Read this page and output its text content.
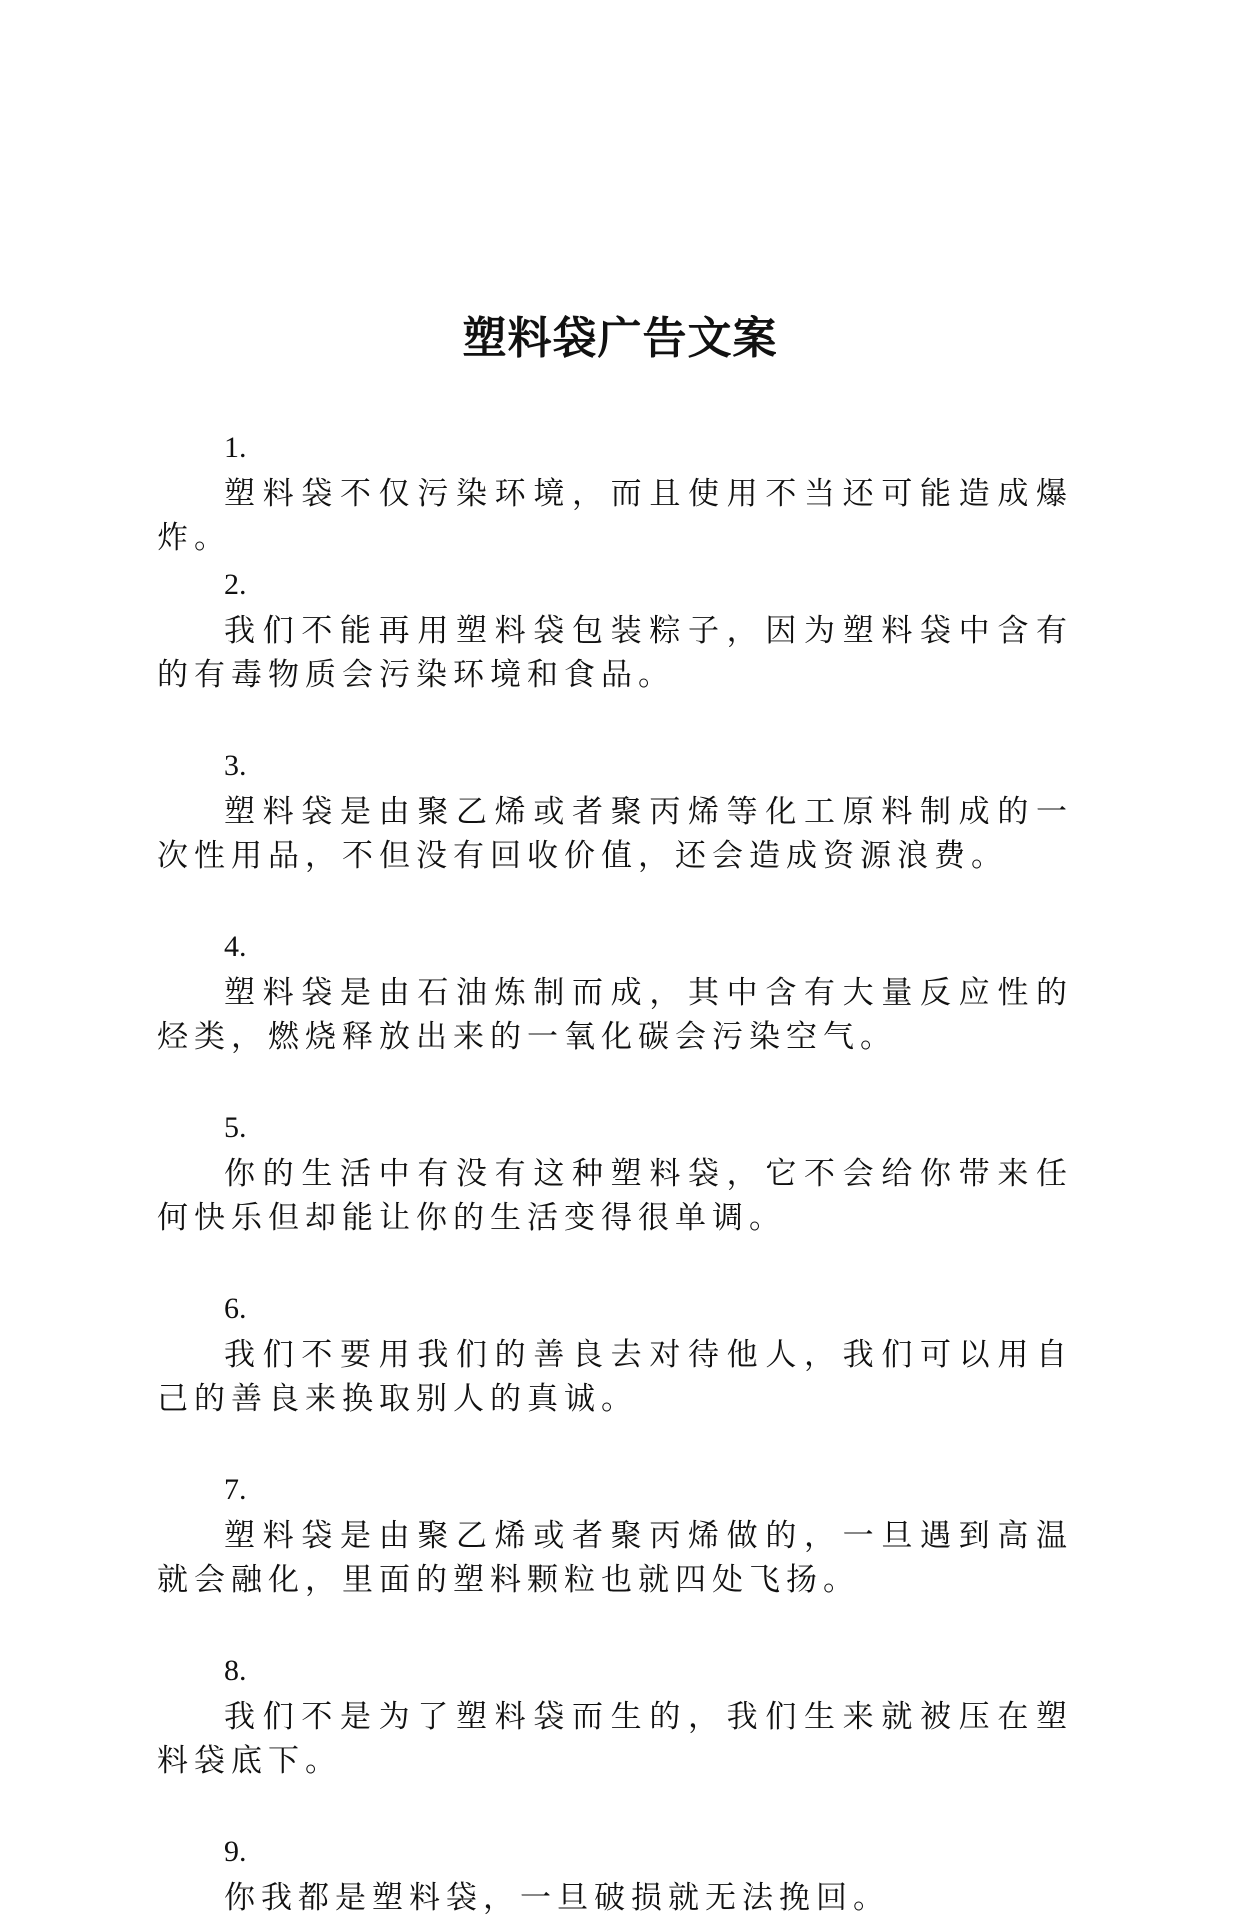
塑料袋广告文案
1.
塑料袋不仅污染环境，而且使用不当还可能造成爆炸。
2.
我们不能再用塑料袋包装粽子，因为塑料袋中含有的有毒物质会污染环境和食品。
3.
塑料袋是由聚乙烯或者聚丙烯等化工原料制成的一次性用品，不但没有回收价值，还会造成资源浪费。
4.
塑料袋是由石油炼制而成，其中含有大量反应性的烃类，燃烧释放出来的一氧化碳会污染空气。
5.
你的生活中有没有这种塑料袋，它不会给你带来任何快乐但却能让你的生活变得很单调。
6.
我们不要用我们的善良去对待他人，我们可以用自己的善良来换取别人的真诚。
7.
塑料袋是由聚乙烯或者聚丙烯做的，一旦遇到高温就会融化，里面的塑料颗粒也就四处飞扬。
8.
我们不是为了塑料袋而生的，我们生来就被压在塑料袋底下。
9.
你我都是塑料袋，一旦破损就无法挽回。
